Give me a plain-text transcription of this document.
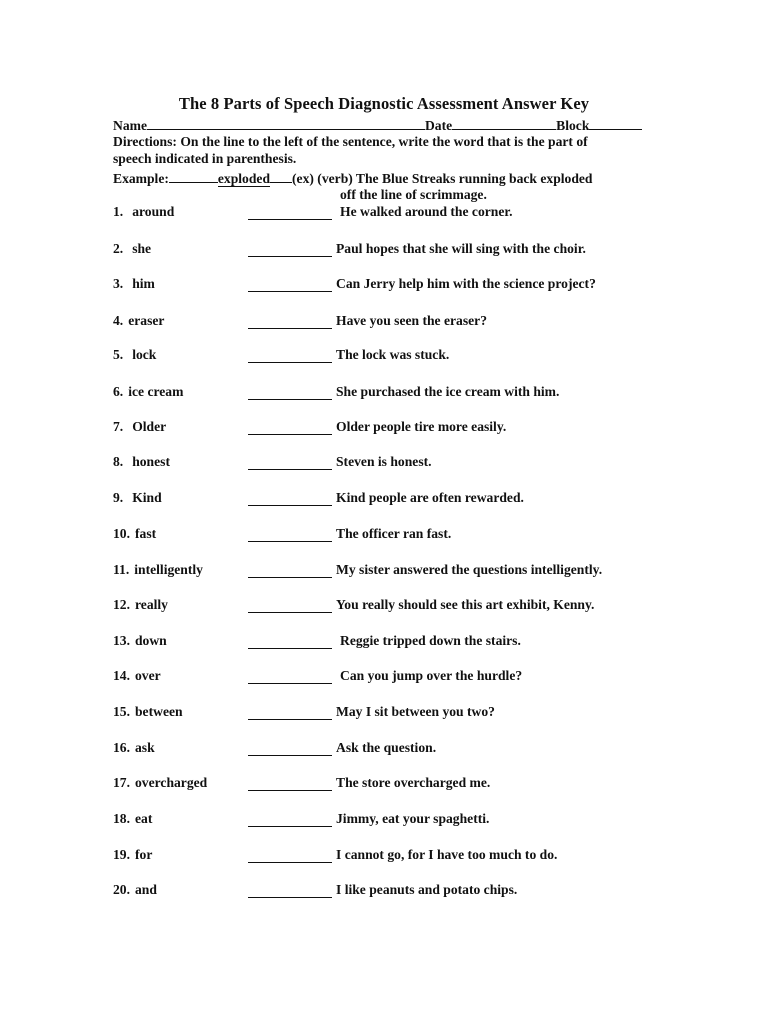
The 8 Parts of Speech Diagnostic Assessment Answer Key
Name	Date	Block
Directions: On the line to the left of the sentence, write the word that is the part of
speech indicated in parenthesis.
Example:	exploded (ex) (verb) The Blue Streaks running back exploded
off the line of scrimmage.
1. around	He walked around the corner.
2. she	Paul hopes that she will sing with the choir.
3. him	Can Jerry help him with the science project?
4. eraser	Have you seen the eraser?
5. lock	The lock was stuck.
6. ice cream	She purchased the ice cream with him.
7. Older	Older people tire more easily.
8. honest	Steven is honest.
9. Kind	Kind people are often rewarded.
10. fast	The officer ran fast.
11. intelligently	My sister answered the questions intelligently.
12. really	You really should see this art exhibit, Kenny.
13. down	Reggie tripped down the stairs.
14. over	Can you jump over the hurdle?
15. between	May I sit between you two?
16. ask	Ask the question.
17. overcharged	The store overcharged me.
18. eat	Jimmy, eat your spaghetti.
19. for	I cannot go, for I have too much to do.
20. and	I like peanuts and potato chips.
